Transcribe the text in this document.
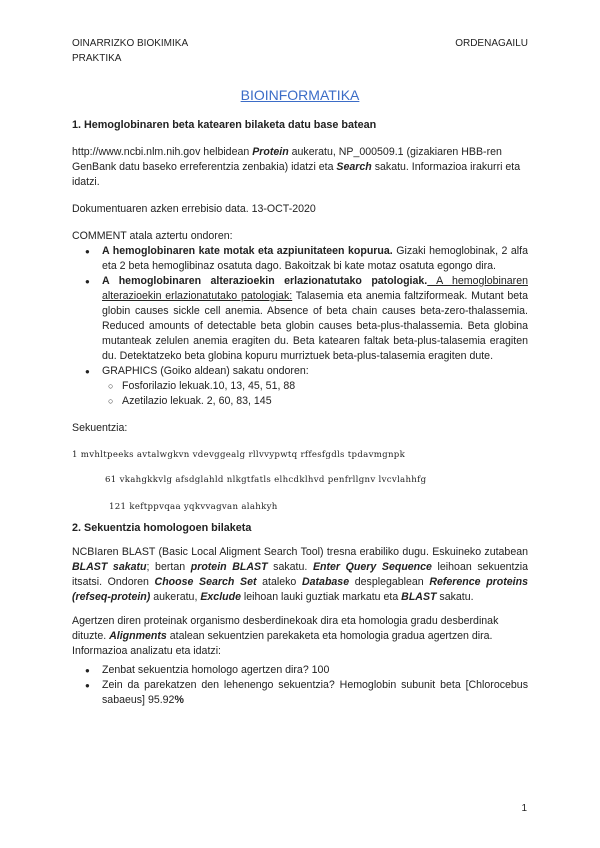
OINARRIZKO BIOKIMIKA
PRAKTIKA
ORDENAGAILU
BIOINFORMATIKA
1. Hemoglobinaren beta katearen bilaketa datu base batean

http://www.ncbi.nlm.nih.gov helbidean Protein aukeratu, NP_000509.1 (gizakiaren HBB-ren GenBank datu baseko erreferentzia zenbakia) idatzi eta Search sakatu. Informazioa irakurri eta idatzi.

Dokumentuaren azken errebisio data. 13-OCT-2020

COMMENT atala aztertu ondoren:

● A hemoglobinaren kate motak eta azpiunitateen kopurua. Gizaki hemoglobinak, 2 alfa eta 2 beta hemoglibinaz osatuta dago. Bakoitzak bi kate motaz osatuta egongo dira.
● A hemoglobinaren alterazioekin erlazionatutako patologiak. A hemoglobinaren alterazioekin erlazionatutako patologiak: Talasemia eta anemia faltziformeak. Mutant beta globin causes sickle cell anemia. Absence of beta chain causes beta-zero-thalassemia. Reduced amounts of detectable beta globin causes beta-plus-thalassemia. Beta globina mutanteak zelulen anemia eragiten du. Beta katearen faltak beta-plus-talasemia eragiten du. Detektatzeko beta globina kopuru murriztuek beta-plus-talasemia eragiten dute.
● GRAPHICS (Goiko aldean) sakatu ondoren:
○ Fosforilazio lekuak.10, 13, 45, 51, 88
○ Azetilazio lekuak. 2, 60, 83, 145

Sekuentzia:

1 mvhltpeeks avtalwgkvn vdevggealg rllvvypwtq rffesfgdls tpdavmgnpk
61 vkahgkkvlg afsdglahld nlkgtfatls elhcdklhvd penfrllgnv lvcvlahhfg
121 keftppvqaa yqkvvagvan alahkyh
2. Sekuentzia homologoen bilaketa

NCBIaren BLAST (Basic Local Aligment Search Tool) tresna erabiliko dugu. Eskuineko zutabean BLAST sakatu; bertan protein BLAST sakatu. Enter Query Sequence leihoan sekuentzia itsatsi. Ondoren Choose Search Set ataleko Database desplegablean Reference proteins (refseq-protein) aukeratu, Exclude leihoan lauki guztiak markatu eta BLAST sakatu.

Agertzen diren proteinak organismo desberdinekoak dira eta homologia gradu desberdinak dituzte. Alignments atalean sekuentzien parekaketa eta homologia gradua agertzen dira. Informazioa analizatu eta idatzi:

● Zenbat sekuentzia homologo agertzen dira? 100
● Zein da parekatzen den lehenengo sekuentzia? Hemoglobin subunit beta [Chlorocebus sabaeus] 95.92%
1
